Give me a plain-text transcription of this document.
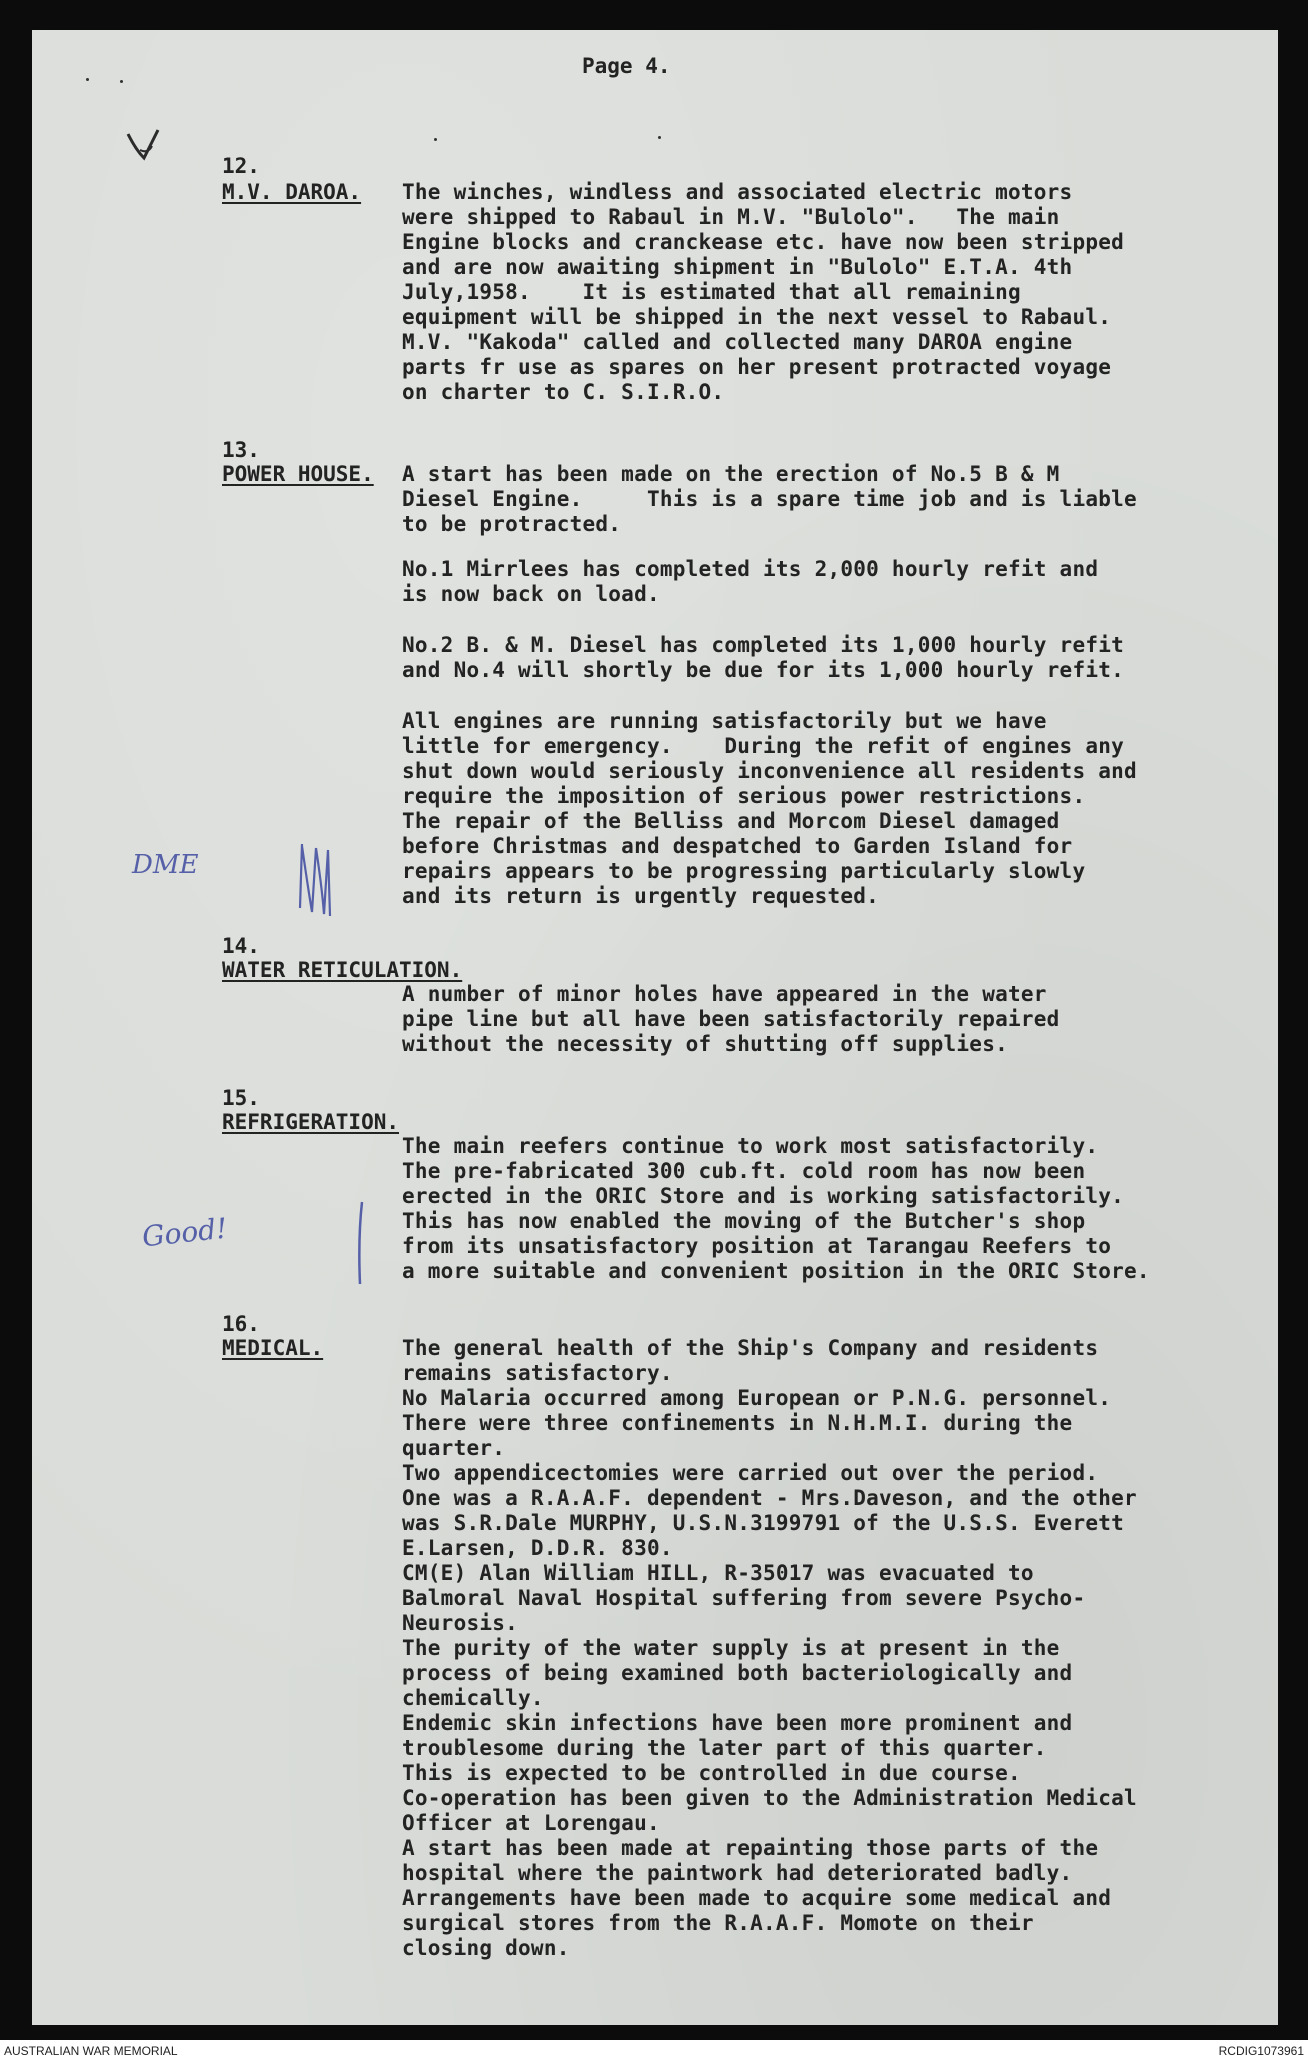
Page 4.
12.
M.V. DAROA. The winches, windless and associated electric motors
were shipped to Rabaul in M.V. "Bulolo".   The main
Engine blocks and cranckease etc. have now been stripped
and are now awaiting shipment in "Bulolo" E.T.A. 4th
July,1958.    It is estimated that all remaining
equipment will be shipped in the next vessel to Rabaul.
M.V. "Kakoda" called and collected many DAROA engine
parts fr use as spares on her present protracted voyage
on charter to C. S.I.R.O.
13.
POWER HOUSE. A start has been made on the erection of No.5 B & M
Diesel Engine.     This is a spare time job and is liable
to be protracted.
No.1 Mirrlees has completed its 2,000 hourly refit and
is now back on load.
No.2 B. & M. Diesel has completed its 1,000 hourly refit
and No.4 will shortly be due for its 1,000 hourly refit.
All engines are running satisfactorily but we have
little for emergency.    During the refit of engines any
shut down would seriously inconvenience all residents and
require the imposition of serious power restrictions.
The repair of the Belliss and Morcom Diesel damaged
before Christmas and despatched to Garden Island for
repairs appears to be progressing particularly slowly
and its return is urgently requested.
DME
14.
WATER RETICULATION.
A number of minor holes have appeared in the water
pipe line but all have been satisfactorily repaired
without the necessity of shutting off supplies.
15.
REFRIGERATION.
The main reefers continue to work most satisfactorily.
The pre-fabricated 300 cub.ft. cold room has now been
erected in the ORIC Store and is working satisfactorily.
This has now enabled the moving of the Butcher's shop
from its unsatisfactory position at Tarangau Reefers to
a more suitable and convenient position in the ORIC Store.
Good!
16.
MEDICAL.	The general health of the Ship's Company and residents
remains satisfactory.
No Malaria occurred among European or P.N.G. personnel.
There were three confinements in N.H.M.I. during the
quarter.
Two appendicectomies were carried out over the period.
One was a R.A.A.F. dependent - Mrs.Daveson, and the other
was S.R.Dale MURPHY, U.S.N.3199791 of the U.S.S. Everett
E.Larsen, D.D.R. 830.
CM(E) Alan William HILL, R-35017 was evacuated to
Balmoral Naval Hospital suffering from severe Psycho-
Neurosis.
The purity of the water supply is at present in the
process of being examined both bacteriologically and
chemically.
Endemic skin infections have been more prominent and
troublesome during the later part of this quarter.
This is expected to be controlled in due course.
Co-operation has been given to the Administration Medical
Officer at Lorengau.
A start has been made at repainting those parts of the
hospital where the paintwork had deteriorated badly.
Arrangements have been made to acquire some medical and
surgical stores from the R.A.A.F. Momote on their
closing down.
AUSTRALIAN WAR MEMORIAL	RCDIG1073961
